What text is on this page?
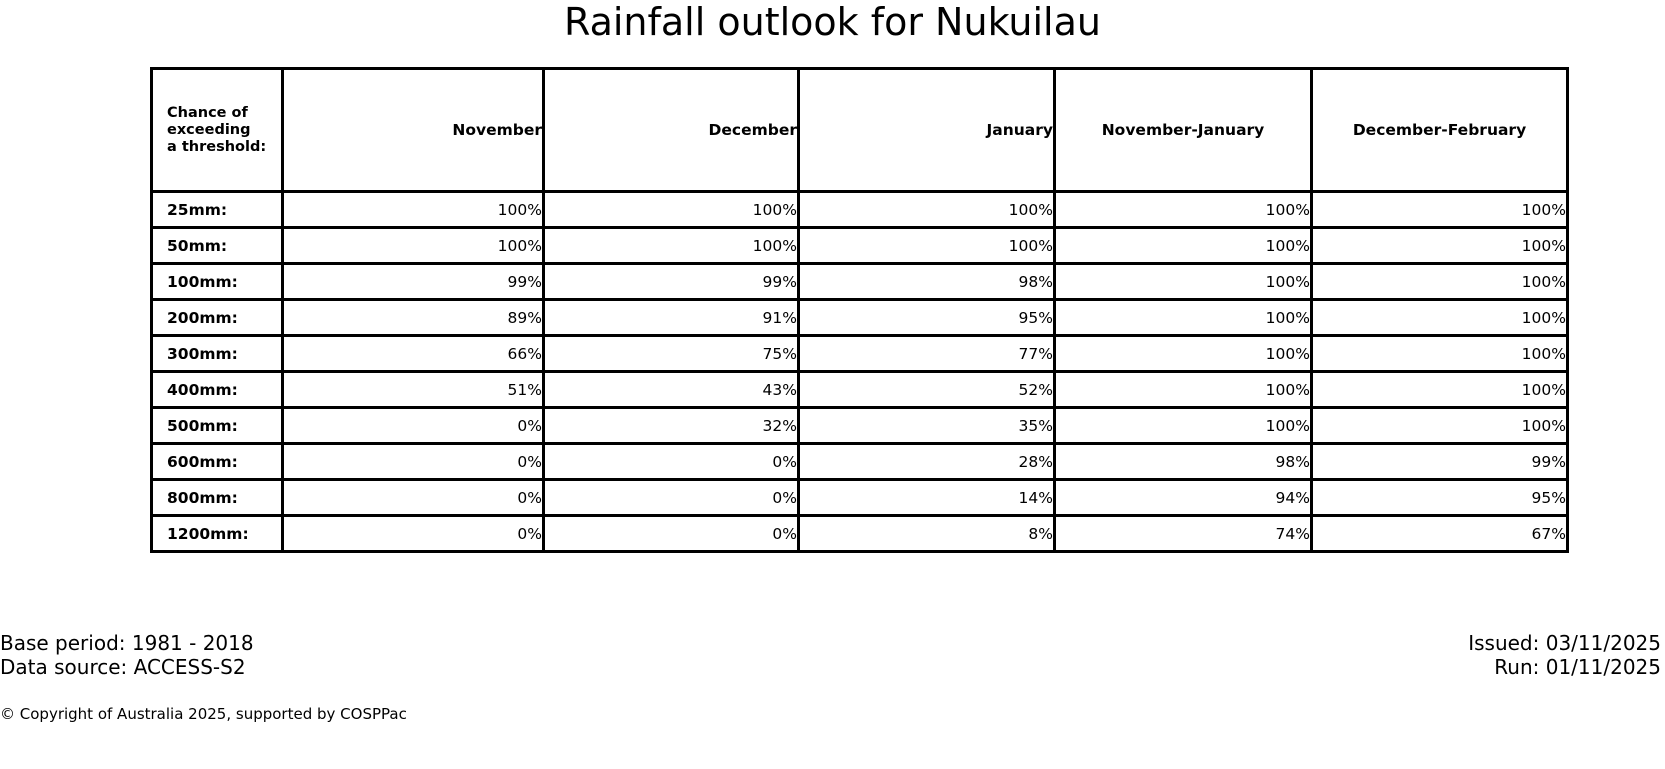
Rainfall outlook for Nukuilau
Chance of
exceeding
a threshold:	November	December	January	November-January	December-February
25mm:	100%	100%	100%	100%	100%
50mm:	100%	100%	100%	100%	100%
100mm:	99%	99%	98%	100%	100%
200mm:	89%	91%	95%	100%	100%
300mm:	66%	75%	77%	100%	100%
400mm:	51%	43%	52%	100%	100%
500mm:	0%	32%	35%	100%	100%
600mm:	0%	0%	28%	98%	99%
800mm:	0%	0%	14%	94%	95%
1200mm:	0%	0%	8%	74%	67%
Base period: 1981 - 2018
Data source: ACCESS-S2
Issued: 03/11/2025
Run: 01/11/2025
© Copyright of Australia 2025, supported by COSPPac
